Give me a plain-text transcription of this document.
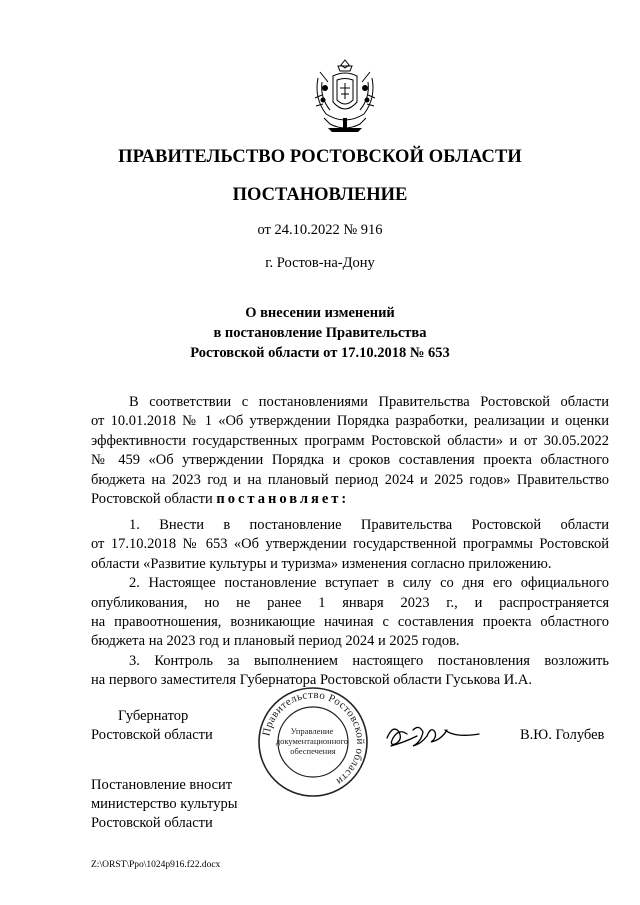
ПРАВИТЕЛЬСТВО РОСТОВСКОЙ ОБЛАСТИ
ПОСТАНОВЛЕНИЕ
от 24.10.2022 № 916
г. Ростов-на-Дону
О внесении изменений
в постановление Правительства
Ростовской области от 17.10.2018 № 653
В соответствии с постановлениями Правительства Ростовской области
от 10.01.2018 № 1 «Об утверждении Порядка разработки, реализации и оценки
эффективности государственных программ Ростовской области» и от 30.05.2022
№ 459 «Об утверждении Порядка и сроков составления проекта областного
бюджета на 2023 год и на плановый период 2024 и 2025 годов» Правительство
Ростовской области постановляет:
1. Внести в постановление Правительства Ростовской области
от 17.10.2018 № 653 «Об утверждении государственной программы Ростовской
области «Развитие культуры и туризма» изменения согласно приложению.
2. Настоящее постановление вступает в силу со дня его официального
опубликования, но не ранее 1 января 2023 г., и распространяется
на правоотношения, возникающие начиная с составления проекта областного
бюджета на 2023 год и плановый период 2024 и 2025 годов.
3. Контроль за выполнением настоящего постановления возложить
на первого заместителя Губернатора Ростовской области Гуськова И.А.
Губернатор
Ростовской области	Правительство Ростовской области
Управление документационного обеспечения
В.Ю. Голубев
Постановление вносит
министерство культуры
Ростовской области
Z:\ORST\Ppo\1024p916.f22.docx
